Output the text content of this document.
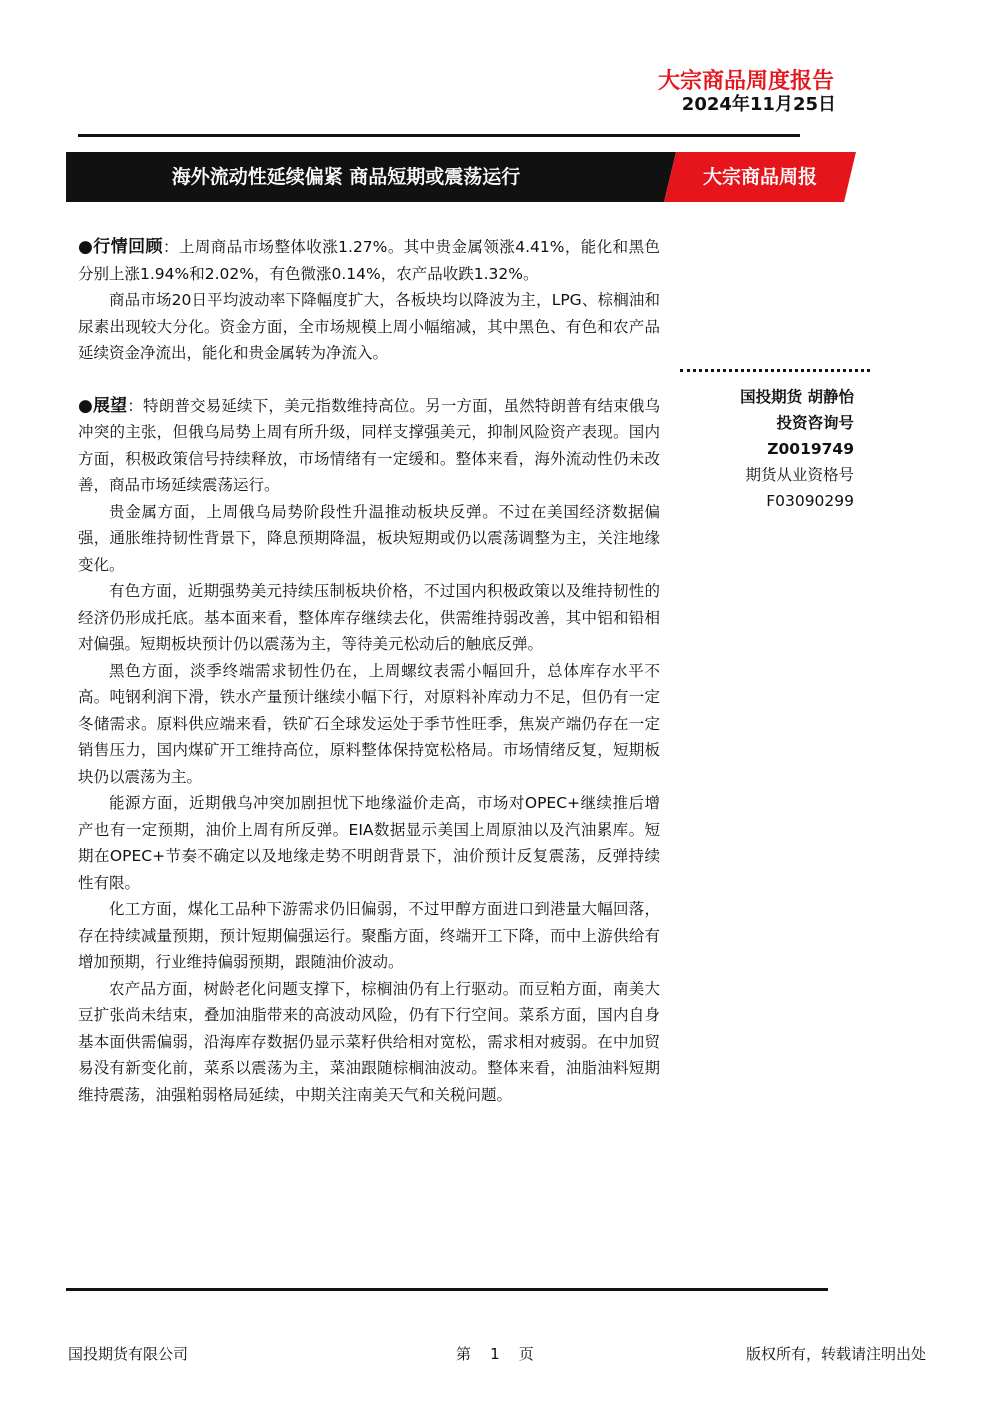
大宗商品周度报告
2024年11月25日
海外流动性延续偏紧 商品短期或震荡运行	大宗商品周报

●行情回顾：上周商品市场整体收涨1.27%。其中贵金属领涨4.41%，能化和黑色分别上涨1.94%和2.02%，有色微涨0.14%，农产品收跌1.32%。

商品市场20日平均波动率下降幅度扩大，各板块均以降波为主，LPG、棕榈油和尿素出现较大分化。资金方面，全市场规模上周小幅缩减，其中黑色、有色和农产品延续资金净流出，能化和贵金属转为净流入。

●展望：特朗普交易延续下，美元指数维持高位。另一方面，虽然特朗普有结束俄乌冲突的主张，但俄乌局势上周有所升级，同样支撑强美元，抑制风险资产表现。国内方面，积极政策信号持续释放，市场情绪有一定缓和。整体来看，海外流动性仍未改善，商品市场延续震荡运行。

贵金属方面，上周俄乌局势阶段性升温推动板块反弹。不过在美国经济数据偏强，通胀维持韧性背景下，降息预期降温，板块短期或仍以震荡调整为主，关注地缘变化。

有色方面，近期强势美元持续压制板块价格，不过国内积极政策以及维持韧性的经济仍形成托底。基本面来看，整体库存继续去化，供需维持弱改善，其中铝和铅相对偏强。短期板块预计仍以震荡为主，等待美元松动后的触底反弹。

黑色方面，淡季终端需求韧性仍在，上周螺纹表需小幅回升，总体库存水平不高。吨钢利润下滑，铁水产量预计继续小幅下行，对原料补库动力不足，但仍有一定冬储需求。原料供应端来看，铁矿石全球发运处于季节性旺季，焦炭产端仍存在一定销售压力，国内煤矿开工维持高位，原料整体保持宽松格局。市场情绪反复，短期板块仍以震荡为主。

能源方面，近期俄乌冲突加剧担忧下地缘溢价走高，市场对OPEC+继续推后增产也有一定预期，油价上周有所反弹。EIA数据显示美国上周原油以及汽油累库。短期在OPEC+节奏不确定以及地缘走势不明朗背景下，油价预计反复震荡，反弹持续性有限。

化工方面，煤化工品种下游需求仍旧偏弱，不过甲醇方面进口到港量大幅回落，存在持续减量预期，预计短期偏强运行。聚酯方面，终端开工下降，而中上游供给有增加预期，行业维持偏弱预期，跟随油价波动。

农产品方面，树龄老化问题支撑下，棕榈油仍有上行驱动。而豆粕方面，南美大豆扩张尚未结束，叠加油脂带来的高波动风险，仍有下行空间。菜系方面，国内自身基本面供需偏弱，沿海库存数据仍显示菜籽供给相对宽松，需求相对疲弱。在中加贸易没有新变化前，菜系以震荡为主，菜油跟随棕榈油波动。整体来看，油脂油料短期维持震荡，油强粕弱格局延续，中期关注南美天气和关税问题。

国投期货 胡静怡
投资咨询号
Z0019749
期货从业资格号
F03090299
国投期货有限公司	第    1    页	版权所有，转载请注明出处
